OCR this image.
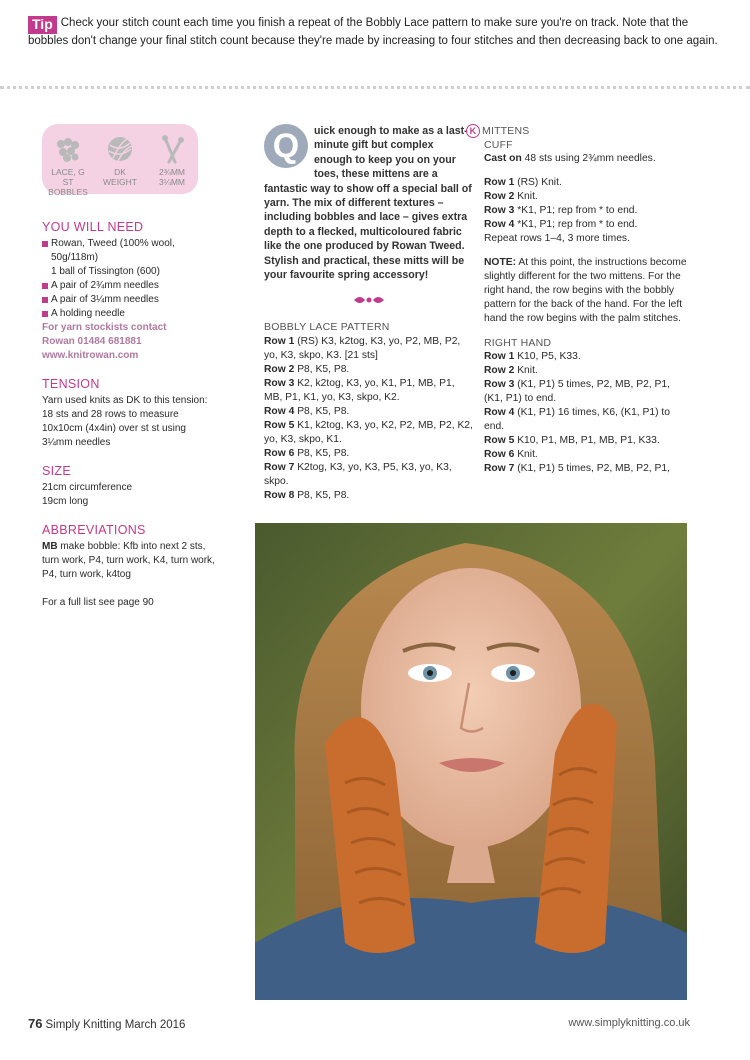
Tip Check your stitch count each time you finish a repeat of the Bobbly Lace pattern to make sure you're on track. Note that the bobbles don't change your final stitch count because they're made by increasing to four stitches and then decreasing back to one again.
LACE, G ST
BOBBLES
DK
WEIGHT
2¾MM
3¼MM
YOU WILL NEED
Rowan, Tweed (100% wool,
50g/118m)
1 ball of Tissington (600)
A pair of 2¾mm needles
A pair of 3¼mm needles
A holding needle
For yarn stockists contact
Rowan 01484 681881
www.knitrowan.com
TENSION
Yarn used knits as DK to this tension: 18 sts and 28 rows to measure 10x10cm (4x4in) over st st using 3¼mm needles
SIZE
21cm circumference
19cm long
ABBREVIATIONS
MB make bobble: Kfb into next 2 sts, turn work, P4, turn work, K4, turn work, P4, turn work, k4tog
For a full list see page 90
Q	uick enough to make as a last-minute gift but complex enough to keep you on your toes, these mittens are a fantastic way to show off a special ball of yarn. The mix of different textures – including bobbles and lace – gives extra depth to a flecked, multicoloured fabric like the one produced by Rowan Tweed. Stylish and practical, these mitts will be your favourite spring accessory!
BOBBLY LACE PATTERN
Row 1 (RS) K3, k2tog, K3, yo, P2, MB, P2, yo, K3, skpo, K3. [21 sts]
Row 2 P8, K5, P8.
Row 3 K2, k2tog, K3, yo, K1, P1, MB, P1, MB, P1, K1, yo, K3, skpo, K2.
Row 4 P8, K5, P8.
Row 5 K1, k2tog, K3, yo, K2, P2, MB, P2, K2, yo, K3, skpo, K1.
Row 6 P8, K5, P8.
Row 7 K2tog, K3, yo, K3, P5, K3, yo, K3, skpo.
Row 8 P8, K5, P8.
K MITTENS
CUFF
Cast on 48 sts using 2¾mm needles.
Row 1 (RS) Knit.
Row 2 Knit.
Row 3 *K1, P1; rep from * to end.
Row 4 *K1, P1; rep from * to end.
Repeat rows 1–4, 3 more times.
NOTE: At this point, the instructions become slightly different for the two mittens. For the right hand, the row begins with the bobbly pattern for the back of the hand. For the left hand the row begins with the palm stitches.
RIGHT HAND
Row 1 K10, P5, K33.
Row 2 Knit.
Row 3 (K1, P1) 5 times, P2, MB, P2, P1, (K1, P1) to end.
Row 4 (K1, P1) 16 times, K6, (K1, P1) to end.
Row 5 K10, P1, MB, P1, MB, P1, K33.
Row 6 Knit.
Row 7 (K1, P1) 5 times, P2, MB, P2, P1,
76 Simply Knitting March 2016	www.simplyknitting.co.uk
